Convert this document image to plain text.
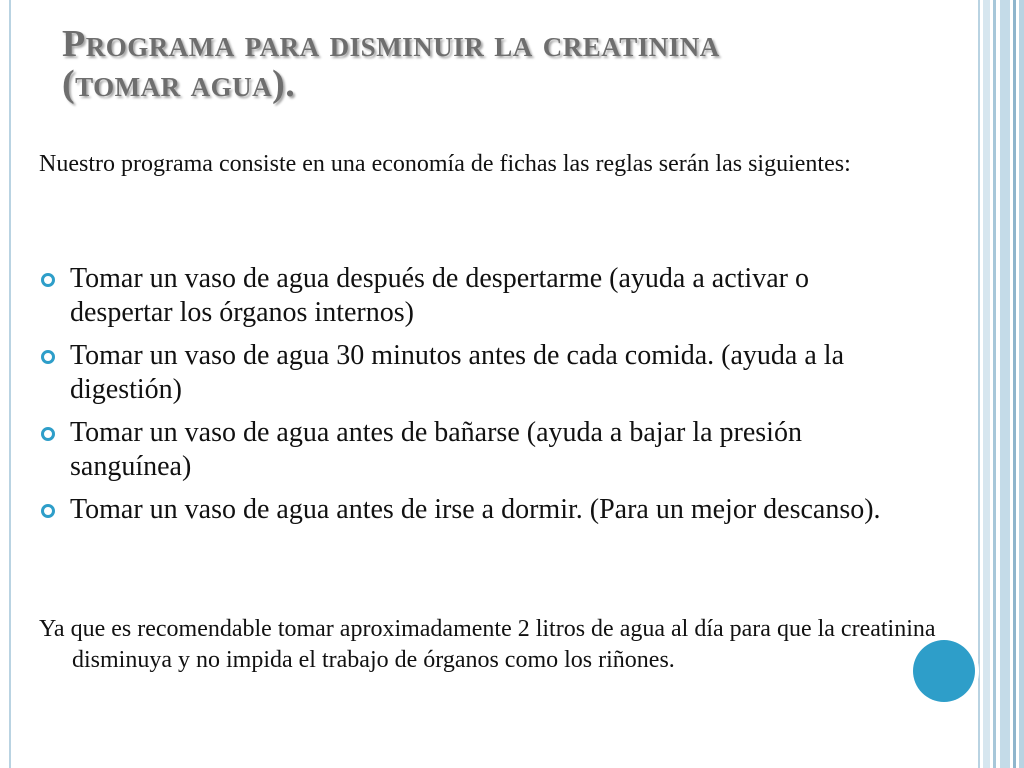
Programa para disminuir la creatinina
(tomar agua).

Nuestro programa consiste en una economía de fichas las reglas serán las siguientes:

Tomar un vaso de agua después de despertarme (ayuda a activar o despertar los órganos internos)
Tomar un vaso de agua 30 minutos antes de cada comida. (ayuda a la digestión)
Tomar un vaso de agua antes de bañarse (ayuda a bajar la presión sanguínea)
Tomar un vaso de agua antes de irse a dormir. (Para un mejor descanso).

Ya que es recomendable tomar aproximadamente 2 litros de agua al día para que la creatinina disminuya y no impida el trabajo de órganos como los riñones.
